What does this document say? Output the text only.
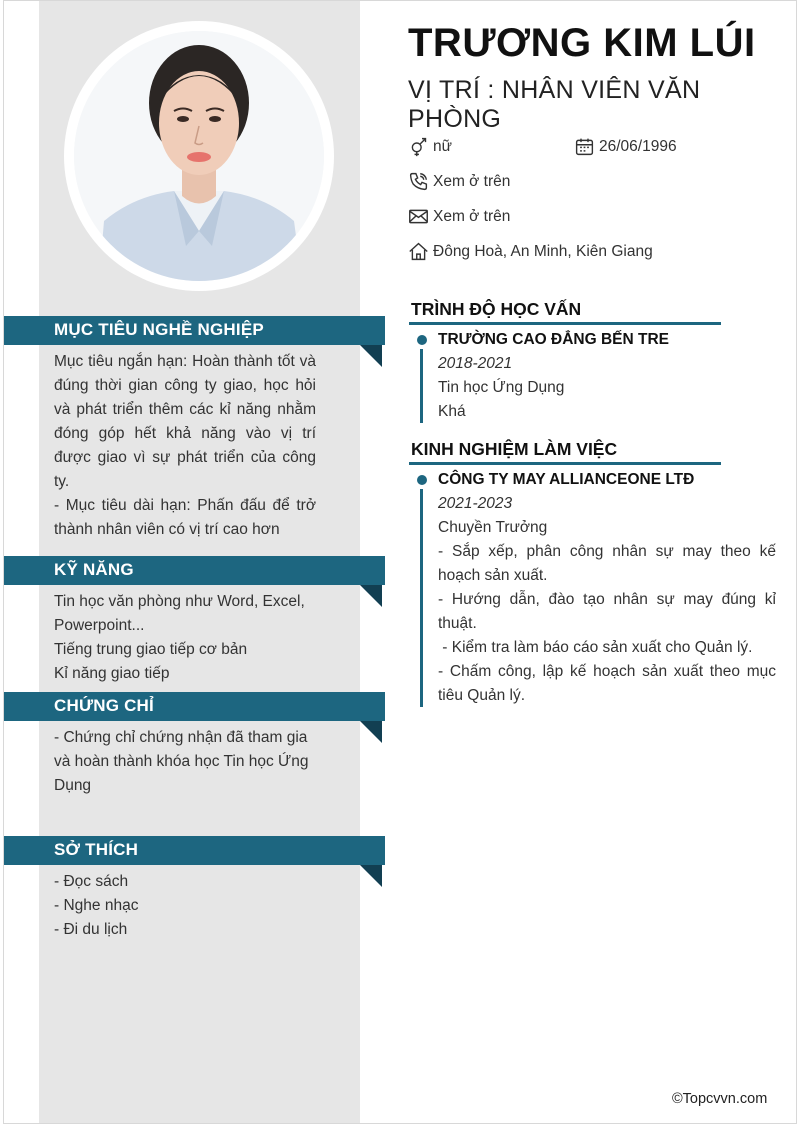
MỤC TIÊU NGHỀ NGHIỆP

Mục tiêu ngắn hạn: Hoàn thành tốt và đúng thời gian công ty giao, học hỏi và phát triển thêm các kỉ năng nhằm đóng góp hết khả năng vào vị trí được giao vì sự phát triển của công ty.

- Mục tiêu dài hạn: Phấn đấu để trở thành nhân viên có vị trí cao hơn

KỸ NĂNG

Tin học văn phòng như Word, Excel, Powerpoint...

Tiếng trung giao tiếp cơ bản

Kỉ năng giao tiếp

CHỨNG CHỈ

- Chứng chỉ chứng nhận đã tham gia và hoàn thành khóa học Tin học Ứng Dụng

SỞ THÍCH

- Đọc sách

- Nghe nhạc

- Đi du lịch

TRƯƠNG KIM LÚI
VỊ TRÍ : NHÂN VIÊN VĂN PHÒNG
nữ	26/06/1996
Xem ở trên
Xem ở trên
Đông Hoà, An Minh, Kiên Giang
TRÌNH ĐỘ HỌC VẤN

TRƯỜNG CAO ĐẲNG BẾN TRE

2018-2021

Tin học Ứng Dụng

Khá

KINH NGHIỆM LÀM VIỆC

CÔNG TY MAY ALLIANCEONE LTĐ

2021-2023

Chuyền Trưởng

- Sắp xếp, phân công nhân sự may theo kế hoạch sản xuất.

- Hướng dẫn, đào tạo nhân sự may đúng kỉ thuật.

- Kiểm tra làm báo cáo sản xuất cho Quản lý.

- Chấm công, lập kế hoạch sản xuất theo mục tiêu Quản lý.

©Topcvvn.com
